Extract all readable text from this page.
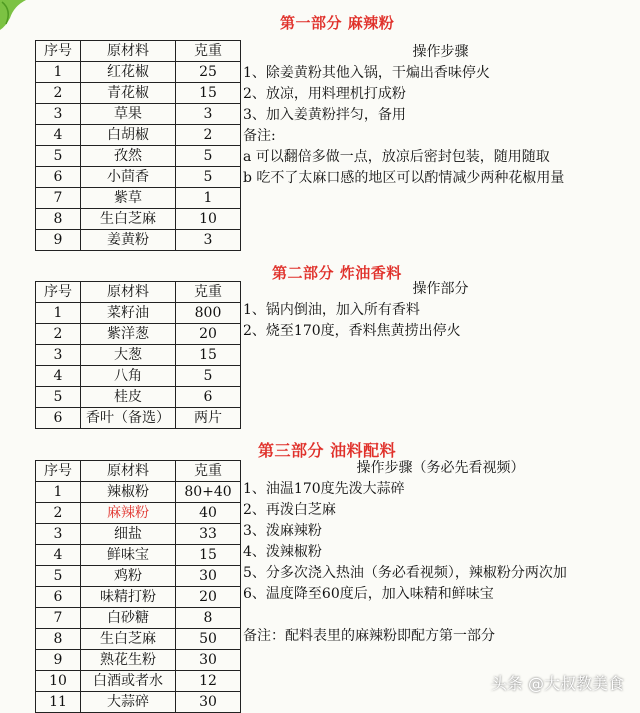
第一部分 麻辣粉
序号	原材料	克重
1	红花椒	25
2	青花椒	15
3	草果	3
4	白胡椒	2
5	孜然	5
6	小茴香	5
7	紫草	1
8	生白芝麻	10
9	姜黄粉	3
操作步骤
1、除姜黄粉其他入锅，干煸出香味停火
2、放凉，用料理机打成粉
3、加入姜黄粉拌匀，备用
备注:
a 可以翻倍多做一点，放凉后密封包装，随用随取
b 吃不了太麻口感的地区可以酌情减少两种花椒用量
第二部分 炸油香料
序号	原材料	克重
1	菜籽油	800
2	紫洋葱	20
3	大葱	15
4	八角	5
5	桂皮	6
6	香叶（备选）	两片
操作部分
1、锅内倒油，加入所有香料
2、烧至170度，香料焦黄捞出停火
第三部分 油料配料
序号	原材料	克重
1	辣椒粉	80+40
2	麻辣粉	40
3	细盐	33
4	鲜味宝	15
5	鸡粉	30
6	味精打粉	20
7	白砂糖	8
8	生白芝麻	50
9	熟花生粉	30
10	白酒或者水	12
11	大蒜碎	30
操作步骤（务必先看视频）
1、油温170度先泼大蒜碎
2、再泼白芝麻
3、泼麻辣粉
4、泼辣椒粉
5、分多次浇入热油（务必看视频），辣椒粉分两次加
6、温度降至60度后，加入味精和鲜味宝
备注：配料表里的麻辣粉即配方第一部分
头条 @大叔教美食
